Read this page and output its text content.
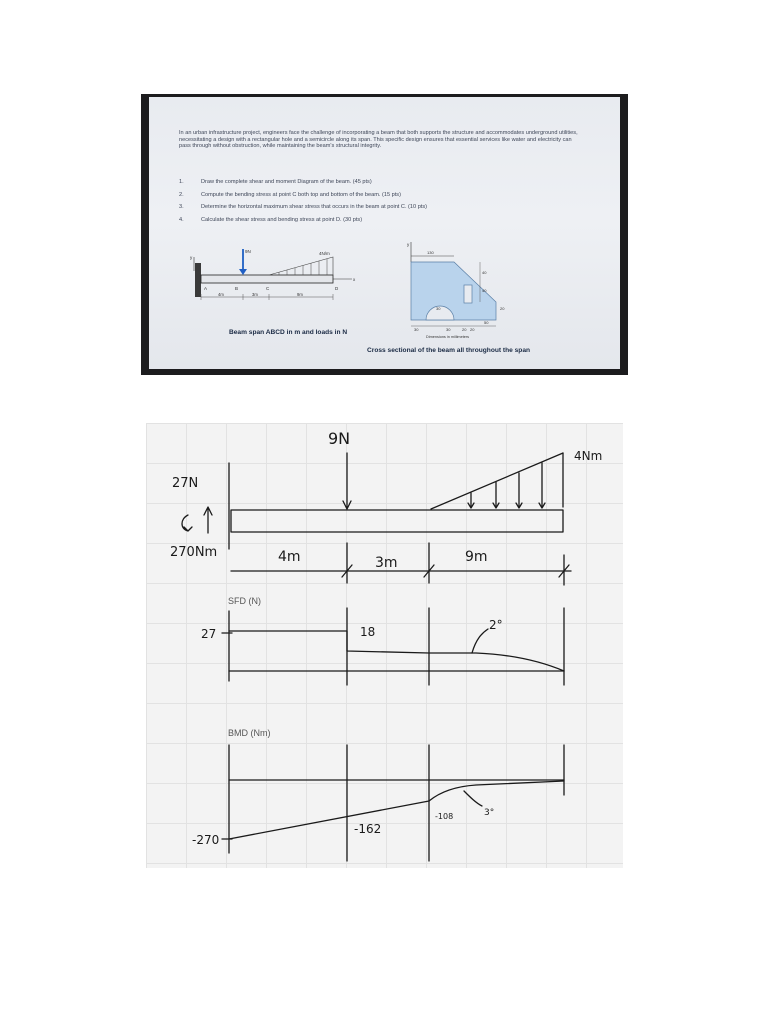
In an urban infrastructure project, engineers face the challenge of incorporating a beam that both supports the structure and accommodates underground utilities, necessitating a design with a rectangular hole and a semicircle along its span. This specific design ensures that essential services like water and electricity can pass through without obstruction, while maintaining the beam's structural integrity.

1.	Draw the complete shear and moment Diagram of the beam. (45 pts)
2.	Compute the bending stress at point C both top and bottom of the beam. (15 pts)
3.	Determine the horizontal maximum shear stress that occurs in the beam at point C. (10 pts)
4.	Calculate the shear stress and bending stress at point D. (30 pts)
y
x
9N	4N/m
A	B	C	D
4m	3m	9m
Beam span ABCD in m and loads in N
y
130
40
40
20
30
30	30	20 20
50
Dimensions in millimeters
Cross sectional of the beam all throughout the span
9N
4Nm
27N
270Nm	4m	3m	9m
SFD (N)
27	18	2°
BMD (Nm)
-270
-162
-108	3°
